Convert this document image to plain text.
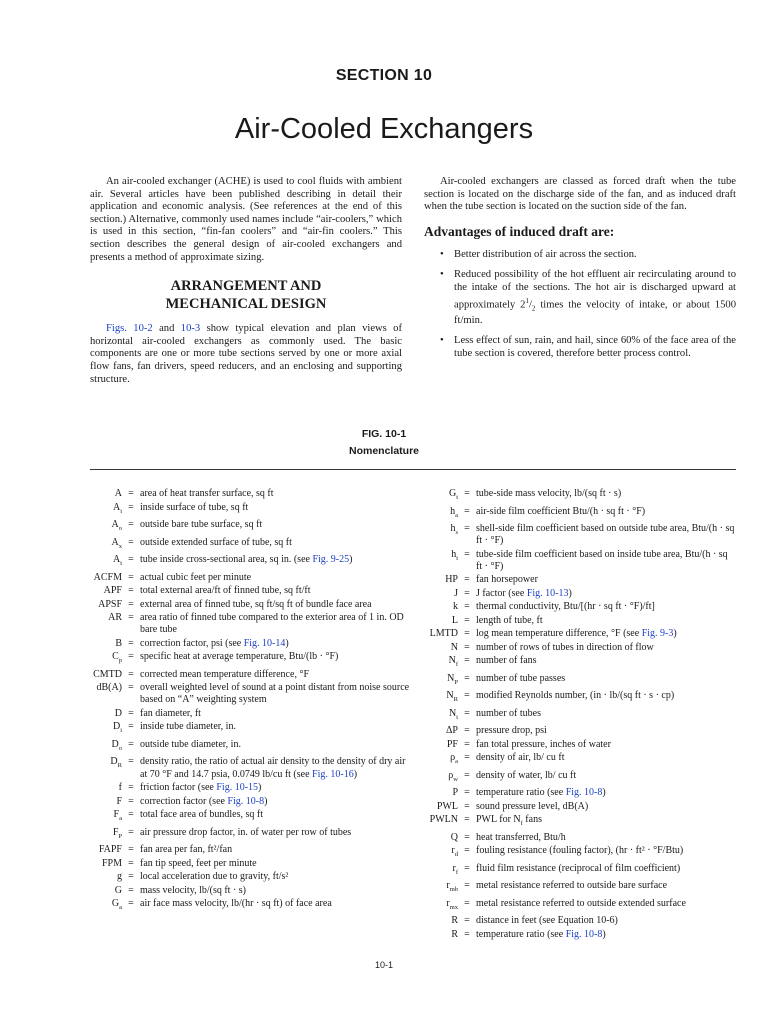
SECTION 10
Air-Cooled Exchangers

An air-cooled exchanger (ACHE) is used to cool fluids with ambient air. Several articles have been published describing in detail their application and economic analysis. (See references at the end of this section.) Alternative, commonly used names include “air-coolers,” which is used in this section, “fin-fan coolers” and “air-fin coolers.” This section describes the general design of air-cooled exchangers and presents a method of approximate sizing.

ARRANGEMENT AND
MECHANICAL DESIGN

Figs. 10-2 and 10-3 show typical elevation and plan views of horizontal air-cooled exchangers as commonly used. The basic components are one or more tube sections served by one or more axial flow fans, fan drivers, speed reducers, and an enclosing and supporting structure.

Air-cooled exchangers are classed as forced draft when the tube section is located on the discharge side of the fan, and as induced draft when the tube section is located on the suction side of the fan.

Advantages of induced draft are:
• Better distribution of air across the section.
• Reduced possibility of the hot effluent air recirculating around to the intake of the sections. The hot air is discharged upward at approximately $2^1/_2$ times the velocity of intake, or about 1500 ft/min.
• Less effect of sun, rain, and hail, since 60% of the face area of the tube section is covered, therefore better process control.
FIG. 10-1
Nomenclature
A = area of heat transfer surface, sq ft
$A_i$ = inside surface of tube, sq ft
$A_o$ = outside bare tube surface, sq ft
$A_x$ = outside extended surface of tube, sq ft
$A_t$ = tube inside cross-sectional area, sq in. (see Fig. 9-25)
ACFM = actual cubic feet per minute
APF = total external area/ft of finned tube, sq ft/ft
APSF = external area of finned tube, sq ft/sq ft of bundle face area
AR = area ratio of finned tube compared to the exterior area of 1 in. OD bare tube
B = correction factor, psi (see Fig. 10-14)
$C_p$ = specific heat at average temperature, Btu/(lb · °F)
CMTD = corrected mean temperature difference, °F
dB(A) = overall weighted level of sound at a point distant from noise source based on “A” weighting system
D = fan diameter, ft
$D_i$ = inside tube diameter, in.
$D_o$ = outside tube diameter, in.
$D_R$ = density ratio, the ratio of actual air density to the density of dry air at 70 °F and 14.7 psia, 0.0749 lb/cu ft (see Fig. 10-16)
f = friction factor (see Fig. 10-15)
F = correction factor (see Fig. 10-8)
$F_a$ = total face area of bundles, sq ft
$F_P$ = air pressure drop factor, in. of water per row of tubes
FAPF = fan area per fan, ft²/fan
FPM = fan tip speed, feet per minute
g = local acceleration due to gravity, ft/s²
G = mass velocity, lb/(sq ft · s)
$G_a$ = air face mass velocity, lb/(hr · sq ft) of face area
$G_t$ = tube-side mass velocity, lb/(sq ft · s)
$h_a$ = air-side film coefficient Btu/(h · sq ft · °F)
$h_s$ = shell-side film coefficient based on outside tube area, Btu/(h · sq ft · °F)
$h_t$ = tube-side film coefficient based on inside tube area, Btu/(h · sq ft · °F)
HP = fan horsepower
J = J factor (see Fig. 10-13)
k = thermal conductivity, Btu/[(hr · sq ft · °F)/ft]
L = length of tube, ft
LMTD = log mean temperature difference, °F (see Fig. 9-3)
N = number of rows of tubes in direction of flow
$N_f$ = number of fans
$N_P$ = number of tube passes
$N_R$ = modified Reynolds number, (in · lb/(sq ft · s · cp)
$N_t$ = number of tubes
ΔP = pressure drop, psi
PF = fan total pressure, inches of water
$\rho_a$ = density of air, lb/ cu ft
$\rho_w$ = density of water, lb/ cu ft
P = temperature ratio (see Fig. 10-8)
PWL = sound pressure level, dB(A)
PWLN = PWL for $N_f$ fans
Q = heat transferred, Btu/h
$r_d$ = fouling resistance (fouling factor), (hr · ft² · °F/Btu)
$r_f$ = fluid film resistance (reciprocal of film coefficient)
$r_{mb}$ = metal resistance referred to outside bare surface
$r_{mx}$ = metal resistance referred to outside extended surface
R = distance in feet (see Equation 10-6)
R = temperature ratio (see Fig. 10-8)
10-1
